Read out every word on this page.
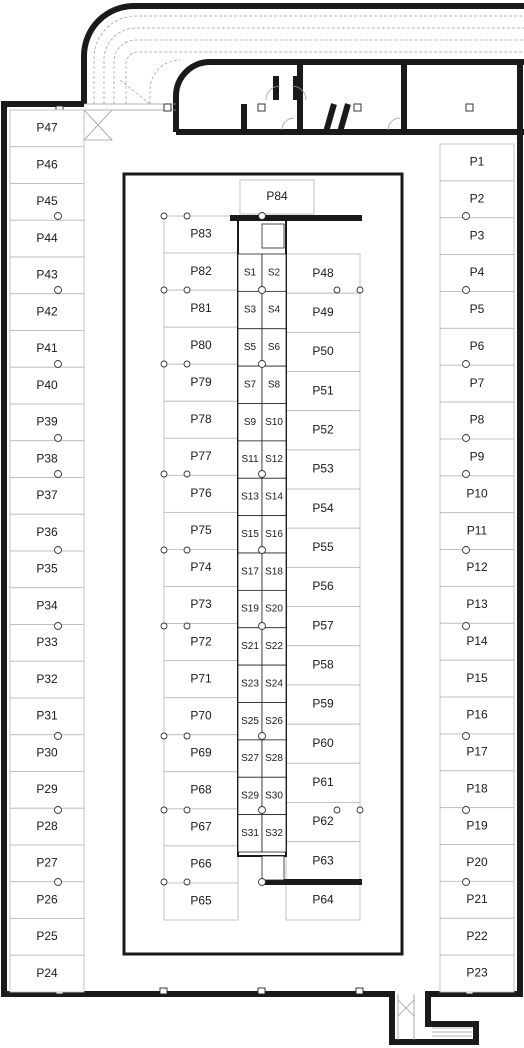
P47
P46
P45
P44
P43
P42
P41
P40
P39
P38
P37
P36
P35
P34
P33
P32
P31
P30
P29
P28
P27
P26
P25
P24
P1
P2
P3
P4
P5
P6
P7
P8
P9
P10
P11
P12
P13
P14
P15
P16
P17
P18
P19
P20
P21
P22
P23
P83
P82
P81
P80
P79
P78
P77
P76
P75
P74
P73
P72
P71
P70
P69
P68
P67
P66
P65
P48
P49
P50
P51
P52
P53
P54
P55
P56
P57
P58
P59
P60
P61
P62
P63
P64
S1 S2
S3 S4
S5 S6
S7 S8
S9 S10
S11 S12
S13 S14
S15 S16
S17 S18
S19 S20
S21 S22
S23 S24
S25 S26
S27 S28
S29 S30
S31 S32
P84
